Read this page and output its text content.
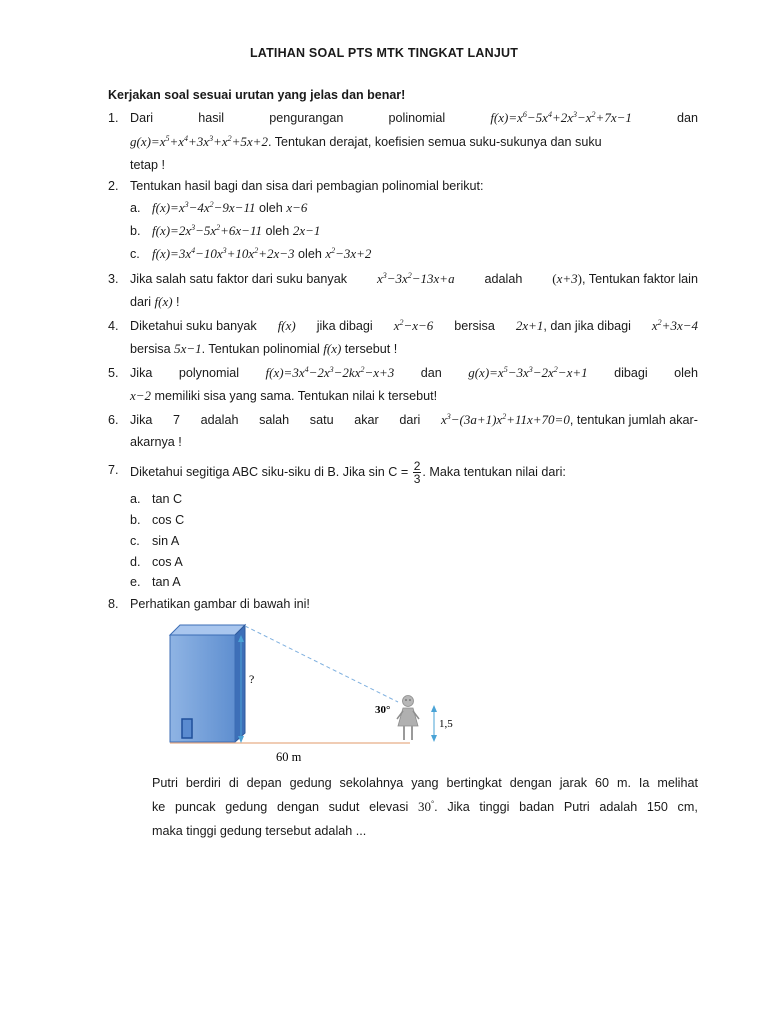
LATIHAN SOAL PTS MTK TINGKAT LANJUT
Kerjakan soal sesuai urutan yang jelas dan benar!
1. Dari	hasil	pengurangan	polinomial	$f(x)=x^6-5x^4+2x^3-x^2+7x-1$	dan
$g(x)=x^5+x^4+3x^3+x^2+5x+2$. Tentukan derajat, koefisien semua suku-sukunya dan suku
tetap !
2. Tentukan hasil bagi dan sisa dari pembagian polinomial berikut:
a. $f(x)=x^3-4x^2-9x-11$ oleh x−6
b. $f(x)=2x^3-5x^2+6x-11$ oleh 2x−1
c. $f(x)=3x^4-10x^3+10x^2+2x-3$ oleh $x^2-3x+2$
3. Jika salah satu faktor dari suku banyak $x^3-3x^2-13x+a$ adalah (x+3), Tentukan faktor lain
dari f(x) !
4. Diketahui suku banyak f(x) jika dibagi $x^2-x-6$ bersisa 2x+1, dan jika dibagi $x^2+3x-4$
bersisa 5x−1. Tentukan polinomial f(x) tersebut !
5. Jika polynomial $f(x)=3x^4-2x^3-2kx^2-x+3$ dan $g(x)=x^5-3x^3-2x^2-x+1$ dibagi oleh
x−2 memiliki sisa yang sama. Tentukan nilai k tersebut!
6. Jika 7 adalah salah satu akar dari $x^3-(3a+1)x^2+11x+70=0$, tentukan jumlah akar-
akarnya !
7. Diketahui segitiga ABC siku-siku di B. Jika $\sin C = \frac{2}{3}$ . Maka tentukan nilai dari:
a. tan C
b. cos C
c. sin A
d. cos A
e. tan A
8. Perhatikan gambar di bawah ini!
?
30°
1,5
60 m
Putri berdiri di depan gedung sekolahnya yang bertingkat dengan jarak 60 m. Ia melihat
ke puncak gedung dengan sudut elevasi 30°. Jika tinggi badan Putri adalah 150 cm,
maka tinggi gedung tersebut adalah ...
